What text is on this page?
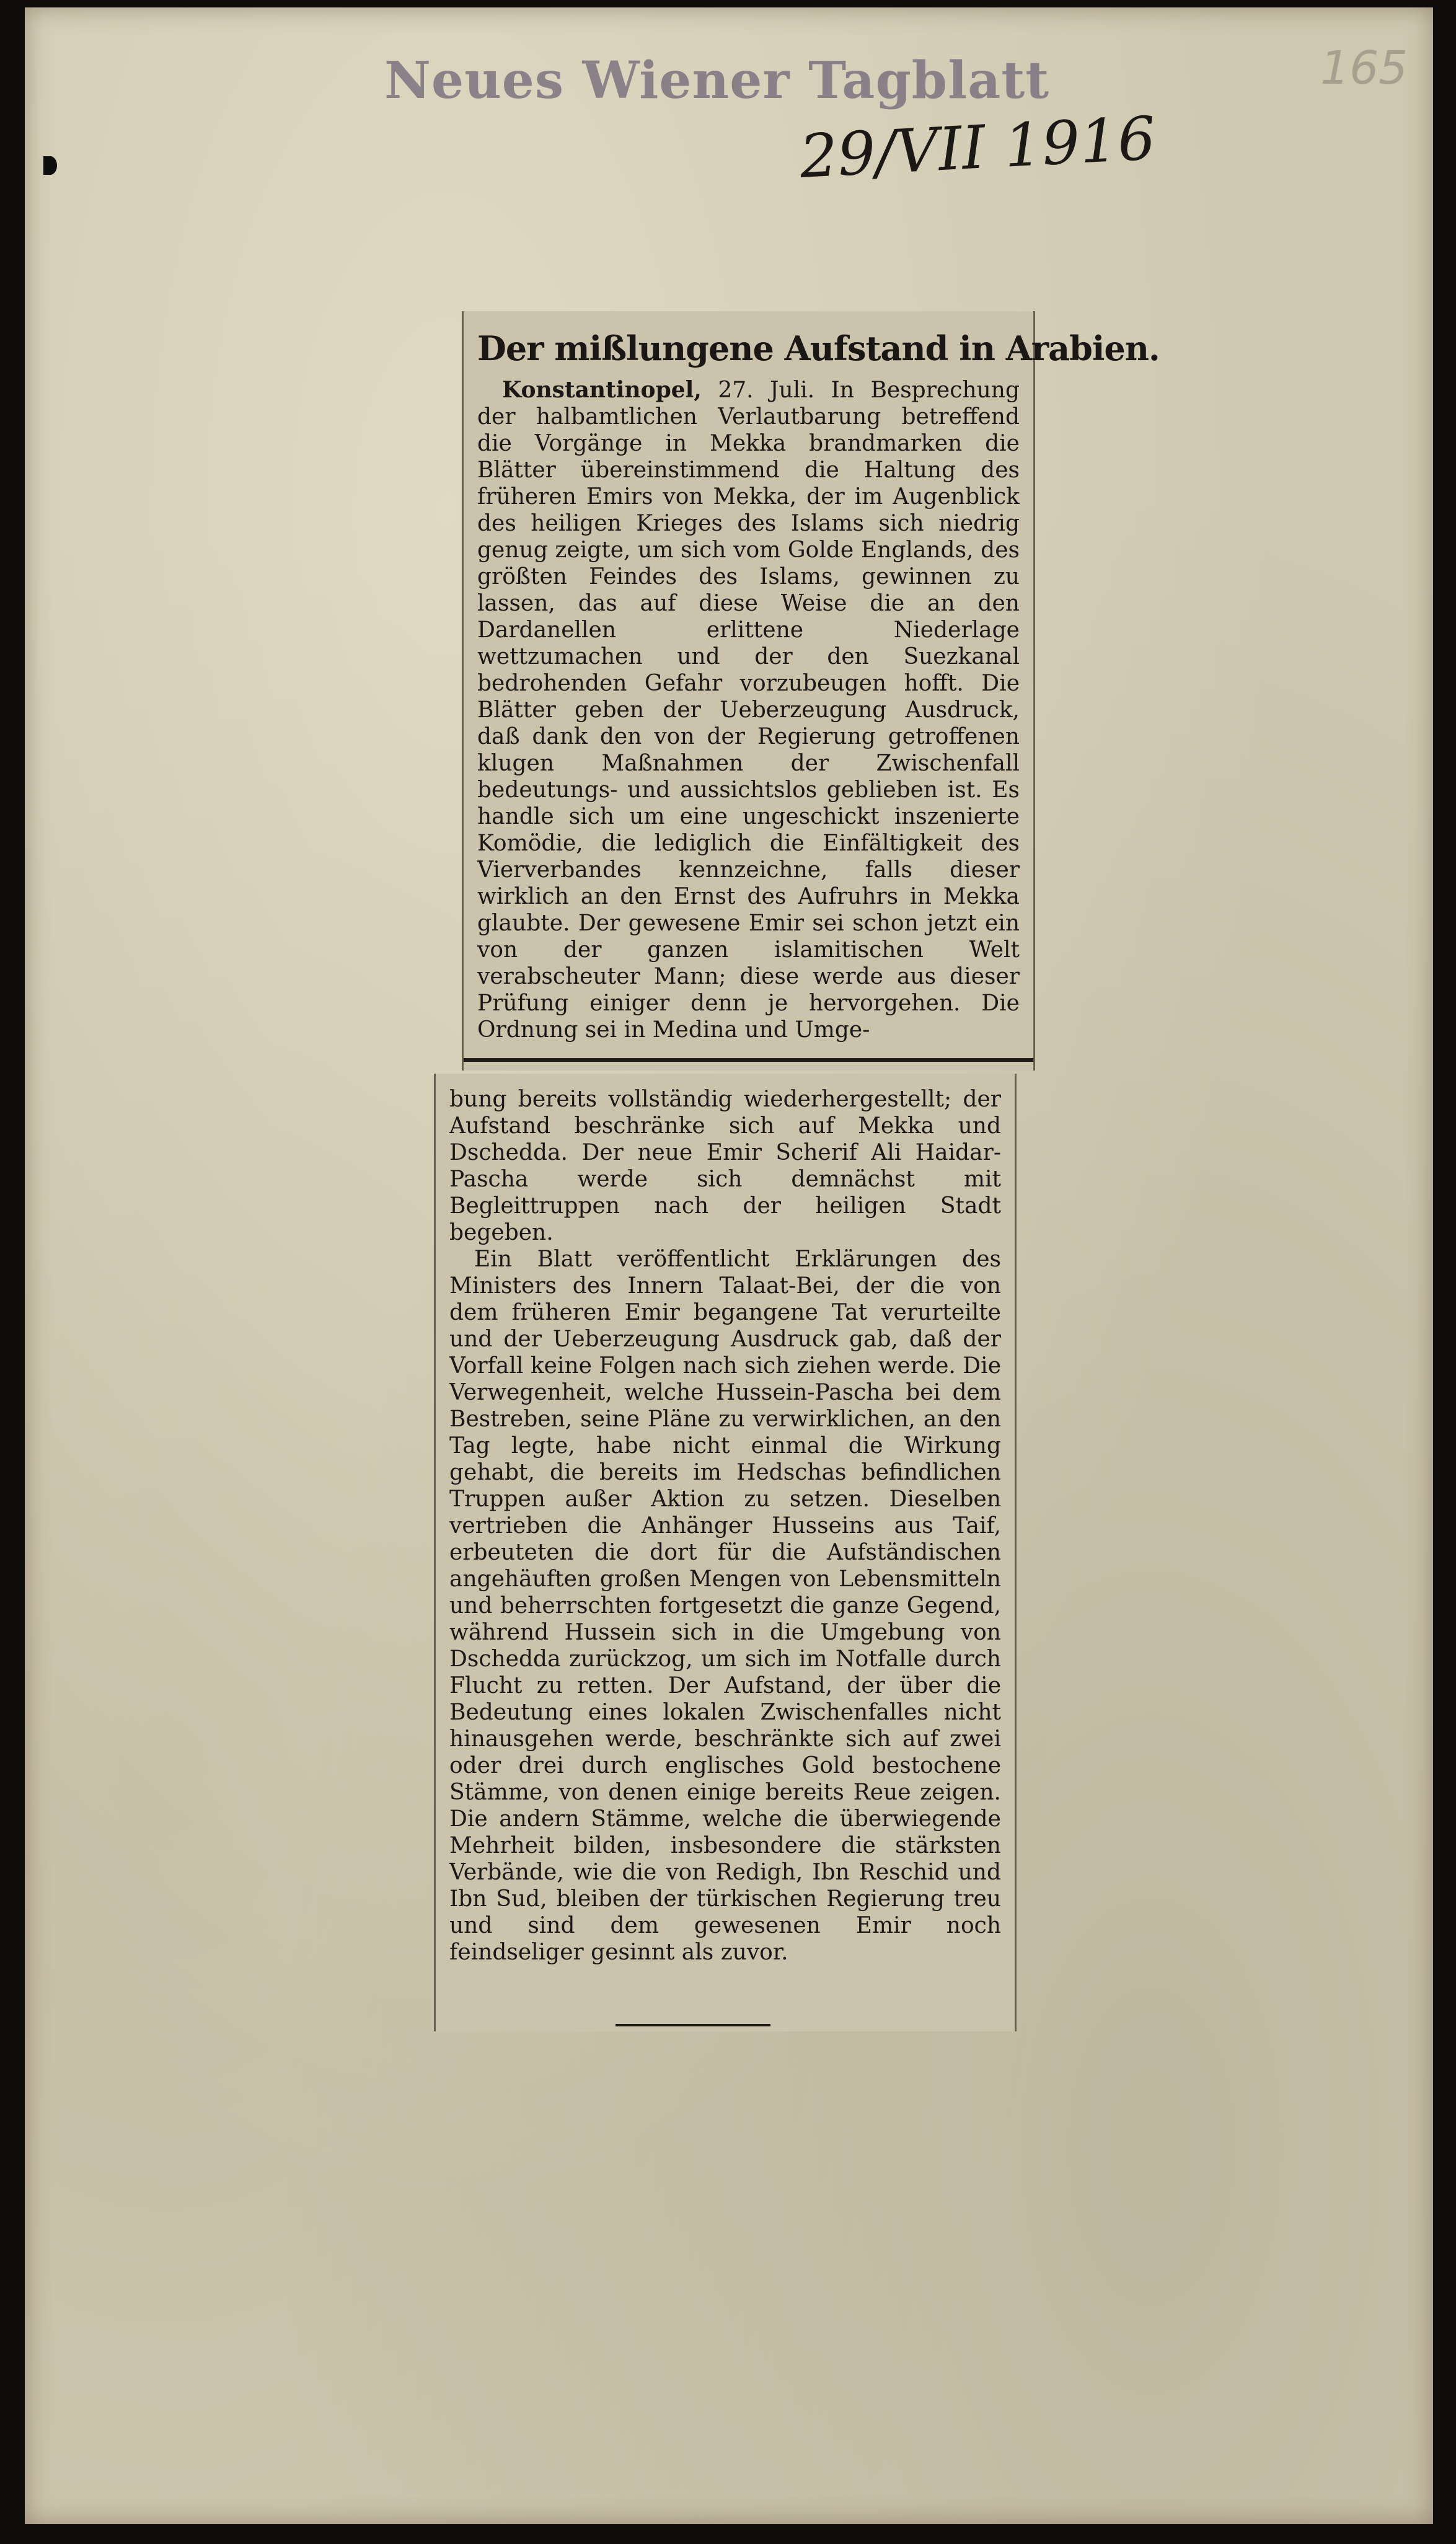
Neues Wiener Tagblatt	165
29/VII 1916
Der mißlungene Aufstand in Arabien.

Konstantinopel, 27. Juli. In Besprechung der halbamtlichen Verlautbarung betreffend die Vorgänge in Mekka brandmarken die Blätter übereinstimmend die Haltung des früheren Emirs von Mekka, der im Augenblick des heiligen Krieges des Islams sich niedrig genug zeigte, um sich vom Golde Englands, des größten Feindes des Islams, gewinnen zu lassen, das auf diese Weise die an den Dardanellen erlittene Niederlage wettzumachen und der den Suezkanal bedrohenden Gefahr vorzubeugen hofft. Die Blätter geben der Ueberzeugung Ausdruck, daß dank den von der Regierung getroffenen klugen Maßnahmen der Zwischenfall bedeutungs- und aussichtslos geblieben ist. Es handle sich um eine ungeschickt inszenierte Komödie, die lediglich die Einfältigkeit des Vierverbandes kennzeichne, falls dieser wirklich an den Ernst des Aufruhrs in Mekka glaubte. Der gewesene Emir sei schon jetzt ein von der ganzen islamitischen Welt verabscheuter Mann; diese werde aus dieser Prüfung einiger denn je hervorgehen. Die Ordnung sei in Medina und Umge-

bung bereits vollständig wiederhergestellt; der Aufstand beschränke sich auf Mekka und Dschedda. Der neue Emir Scherif Ali Haidar-Pascha werde sich demnächst mit Begleittruppen nach der heiligen Stadt begeben.

Ein Blatt veröffentlicht Erklärungen des Ministers des Innern Talaat-Bei, der die von dem früheren Emir begangene Tat verurteilte und der Ueberzeugung Ausdruck gab, daß der Vorfall keine Folgen nach sich ziehen werde. Die Verwegenheit, welche Hussein-Pascha bei dem Bestreben, seine Pläne zu verwirklichen, an den Tag legte, habe nicht einmal die Wirkung gehabt, die bereits im Hedschas befindlichen Truppen außer Aktion zu setzen. Dieselben vertrieben die Anhänger Husseins aus Taif, erbeuteten die dort für die Aufständischen angehäuften großen Mengen von Lebensmitteln und beherrschten fortgesetzt die ganze Gegend, während Hussein sich in die Umgebung von Dschedda zurückzog, um sich im Notfalle durch Flucht zu retten. Der Aufstand, der über die Bedeutung eines lokalen Zwischenfalles nicht hinausgehen werde, beschränkte sich auf zwei oder drei durch englisches Gold bestochene Stämme, von denen einige bereits Reue zeigen. Die andern Stämme, welche die überwiegende Mehrheit bilden, insbesondere die stärksten Verbände, wie die von Redigh, Ibn Reschid und Ibn Sud, bleiben der türkischen Regierung treu und sind dem gewesenen Emir noch feindseliger gesinnt als zuvor.
